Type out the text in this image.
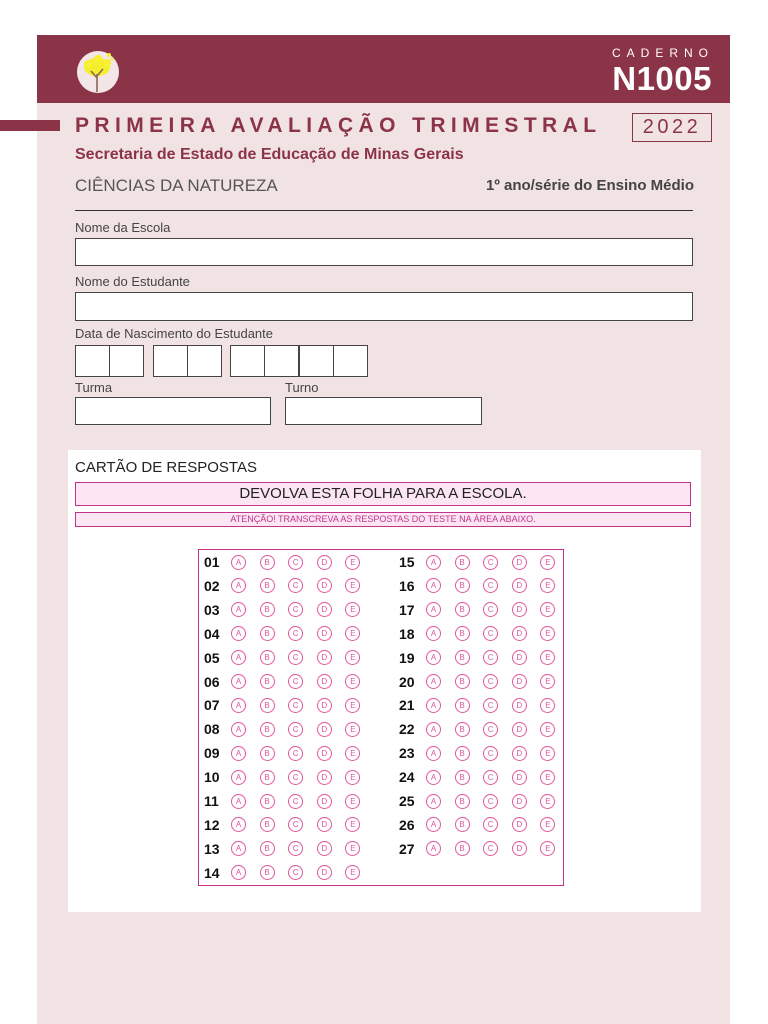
CADERNO
N1005
PRIMEIRA AVALIAÇÃO TRIMESTRAL	2022
Secretaria de Estado de Educação de Minas Gerais
CIÊNCIAS DA NATUREZA	1º ano/série do Ensino Médio
Nome da Escola
Nome do Estudante
Data de Nascimento do Estudante
Turma	Turno
CARTÃO DE RESPOSTAS
DEVOLVA ESTA FOLHA PARA A ESCOLA.
ATENÇÃO! TRANSCREVA AS RESPOSTAS DO TESTE NA ÁREA ABAIXO.
01	A	B	C	D	E
02	A	B	C	D	E
03	A	B	C	D	E
04	A	B	C	D	E
05	A	B	C	D	E
06	A	B	C	D	E
07	A	B	C	D	E
08	A	B	C	D	E
09	A	B	C	D	E
10	A	B	C	D	E
11	A	B	C	D	E
12	A	B	C	D	E
13	A	B	C	D	E
14	A	B	C	D	E
15	A	B	C	D	E
16	A	B	C	D	E
17	A	B	C	D	E
18	A	B	C	D	E
19	A	B	C	D	E
20	A	B	C	D	E
21	A	B	C	D	E
22	A	B	C	D	E
23	A	B	C	D	E
24	A	B	C	D	E
25	A	B	C	D	E
26	A	B	C	D	E
27	A	B	C	D	E
